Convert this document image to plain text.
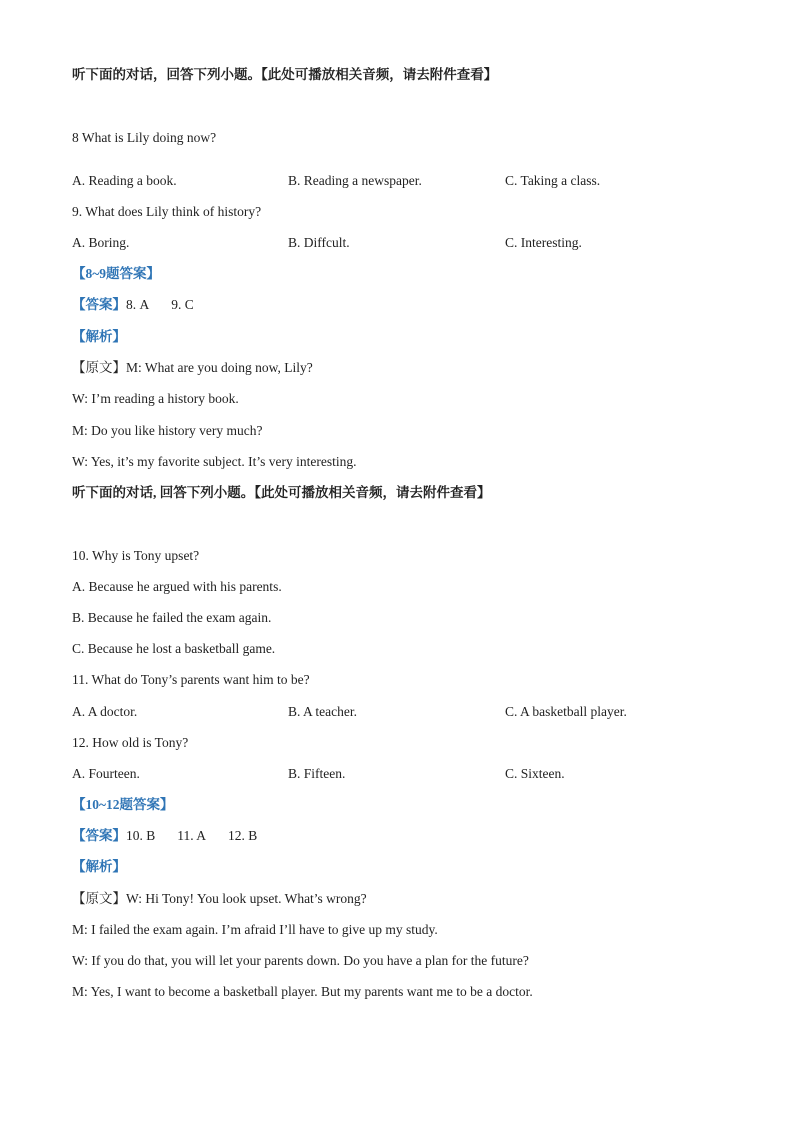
听下面的对话，回答下列小题。【此处可播放相关音频，请去附件查看】
8 What is Lily doing now?
A. Reading a book.	B. Reading a newspaper.	C. Taking a class.
9. What does Lily think of history?
A. Boring.	B. Diffcult.	C. Interesting.
【8~9题答案】
【答案】8. A 9. C
【解析】
【原文】M: What are you doing now, Lily?
W: I’m reading a history book.
M: Do you like history very much?
W: Yes, it’s my favorite subject. It’s very interesting.
听下面的对话, 回答下列小题。【此处可播放相关音频，请去附件查看】
10. Why is Tony upset?
A. Because he argued with his parents.
B. Because he failed the exam again.
C. Because he lost a basketball game.
11. What do Tony’s parents want him to be?
A. A doctor.	B. A teacher.	C. A basketball player.
12. How old is Tony?
A. Fourteen.	B. Fifteen.	C. Sixteen.
【10~12题答案】
【答案】10. B 11. A 12. B
【解析】
【原文】W: Hi Tony! You look upset. What’s wrong?
M: I failed the exam again. I’m afraid I’ll have to give up my study.
W: If you do that, you will let your parents down. Do you have a plan for the future?
M: Yes, I want to become a basketball player. But my parents want me to be a doctor.
